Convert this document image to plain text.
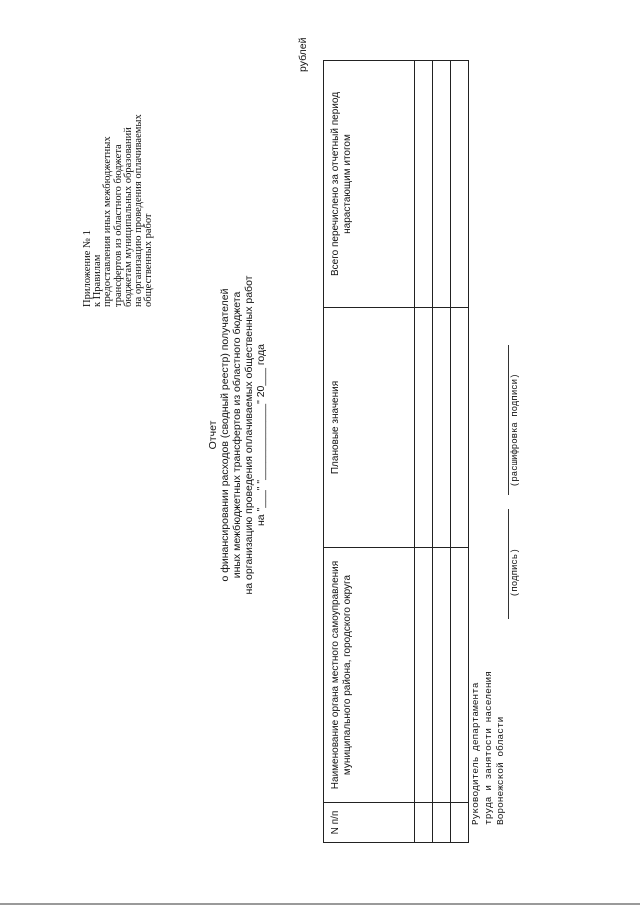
Приложение № 1 к Правилам предоставления иных межбюджетных трансфертов из областного бюджета бюджетам муниципальных образований на организацию проведения оплачиваемых общественных работ
рублей
Отчет о финансировании расходов (сводный реестр) получателей иных межбюджетных трансфертов из областного бюджета на организацию проведения оплачиваемых общественных работ на "___" "_____________" 20___ года
N п/п	Наименование органа местного самоуправления муниципального района, городского округа	Плановые значения	Всего перечислено за отчетный период нарастающим итогом

Руководитель департамента труда и занятости населения Воронежской области
(подпись)
(расшифровка подписи)
